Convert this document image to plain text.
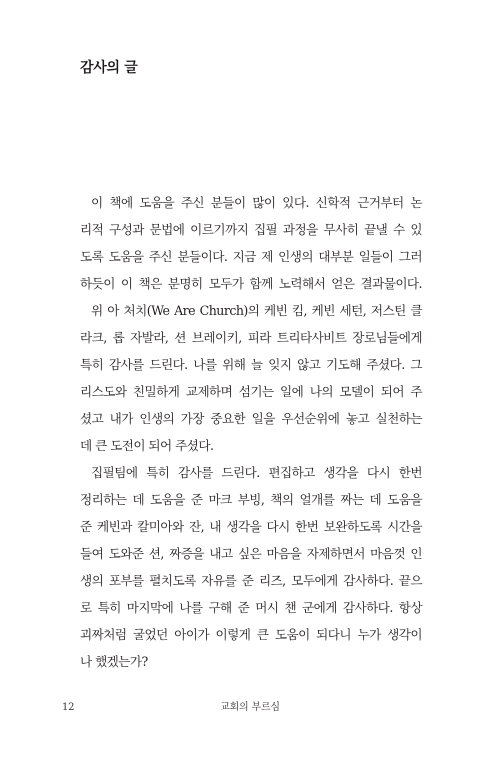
감사의 글
이 책에 도움을 주신 분들이 많이 있다. 신학적 근거부터 논
리적 구성과 문법에 이르기까지 집필 과정을 무사히 끝낼 수 있
도록 도움을 주신 분들이다. 지금 제 인생의 대부분 일들이 그러
하듯이 이 책은 분명히 모두가 함께 노력해서 얻은 결과물이다.
위 아 처치(We Are Church)의 케빈 킴, 케빈 세턴, 저스틴 클
라크, 롭 자발라, 션 브레이키, 피라 트리타사비트 장로님들에게
특히 감사를 드린다. 나를 위해 늘 잊지 않고 기도해 주셨다. 그
리스도와 친밀하게 교제하며 섬기는 일에 나의 모델이 되어 주
셨고 내가 인생의 가장 중요한 일을 우선순위에 놓고 실천하는
데 큰 도전이 되어 주셨다.
집필팀에 특히 감사를 드린다. 편집하고 생각을 다시 한번
정리하는 데 도움을 준 마크 부빙, 책의 얼개를 짜는 데 도움을
준 케빈과 칼미아와 잔, 내 생각을 다시 한번 보완하도록 시간을
들여 도와준 션, 짜증을 내고 싶은 마음을 자제하면서 마음껏 인
생의 포부를 펼치도록 자유를 준 리즈, 모두에게 감사하다. 끝으
로 특히 마지막에 나를 구해 준 머시 챈 군에게 감사하다. 항상
괴짜처럼 굴었던 아이가 이렇게 큰 도움이 되다니 누가 생각이
나 했겠는가?
12	교회의 부르심
